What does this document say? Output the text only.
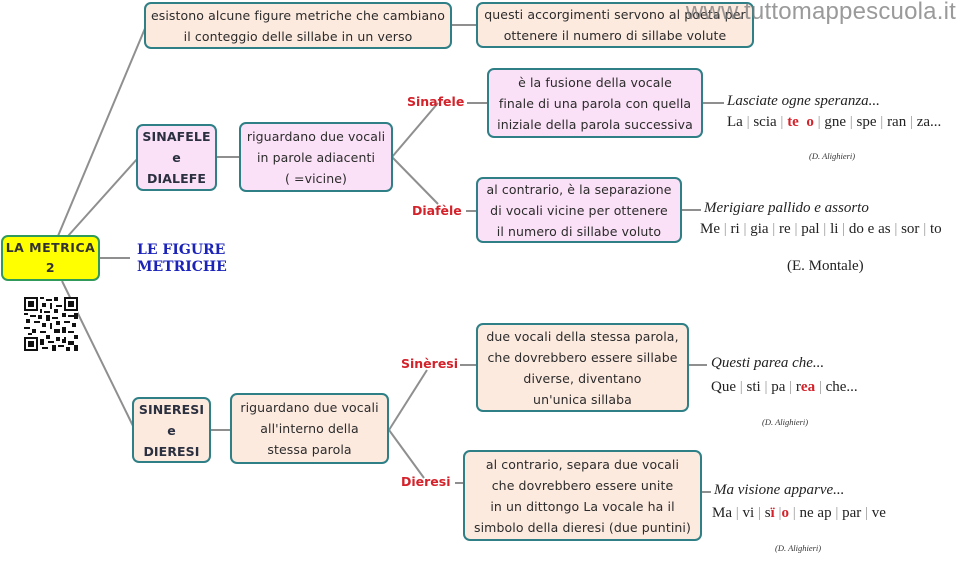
www.tuttomappescuola.it
LA METRICA
2
LE FIGURE
METRICHE
esistono alcune figure metriche che cambiano
il conteggio delle sillabe in un verso
questi accorgimenti servono al poeta per
ottenere il numero di sillabe volute
SINAFELE
e
DIALEFE
riguardano due vocali
in parole adiacenti
( =vicine)
Sinafele
è la fusione della vocale
finale di una parola con quella
iniziale della parola successiva
Lasciate ogne speranza...
La | scia | te  o | gne | spe | ran | za...
(D. Alighieri)
Diafèle
al contrario, è la separazione
di vocali vicine per ottenere
il numero di sillabe voluto
Merigiare pallido e assorto
Me | ri | gia | re | pal | li | do e as | sor | to
(E. Montale)
SINERESI
e
DIERESI
riguardano due vocali
all'interno della
stessa parola
Sinèresi
due vocali della stessa parola,
che dovrebbero essere sillabe
diverse, diventano
un'unica sillaba
Questi parea che...
Que | sti | pa | rea | che...
(D. Alighieri)
Dieresi
al contrario, separa due vocali
che dovrebbero essere unite
in un dittongo La vocale ha il
simbolo della dieresi (due puntini)
Ma visione apparve...
Ma | vi | sï |o | ne ap | par | ve
(D. Alighieri)
